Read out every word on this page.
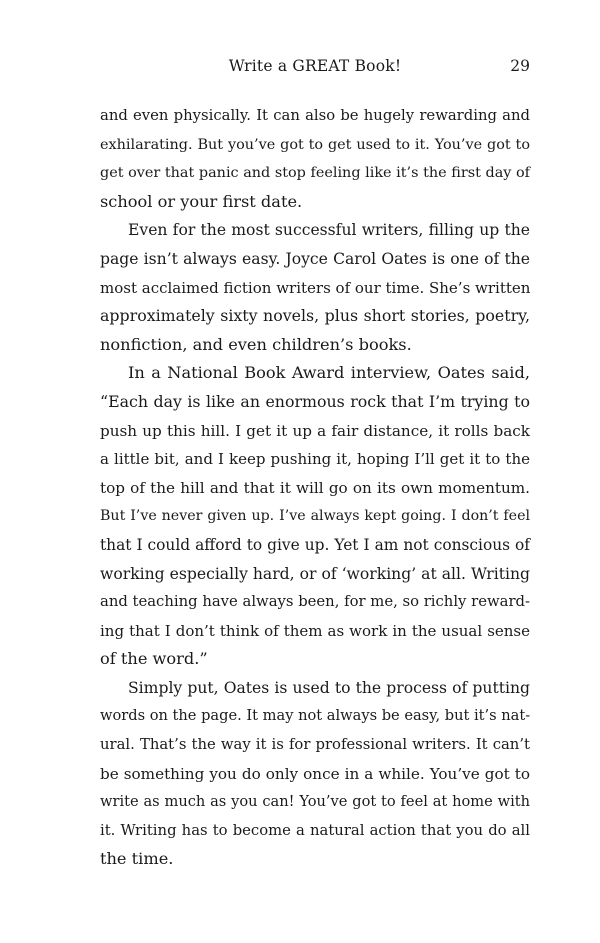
Write a GREAT Book!	29
and even physically. It can also be hugely rewarding and
exhilarating. But you’ve got to get used to it. You’ve got to
get over that panic and stop feeling like it’s the first day of
school or your first date.
Even for the most successful writers, filling up the
page isn’t always easy. Joyce Carol Oates is one of the
most acclaimed fiction writers of our time. She’s written
approximately sixty novels, plus short stories, poetry,
nonfiction, and even children’s books.
In a National Book Award interview, Oates said,
“Each day is like an enormous rock that I’m trying to
push up this hill. I get it up a fair distance, it rolls back
a little bit, and I keep pushing it, hoping I’ll get it to the
top of the hill and that it will go on its own momentum.
But I’ve never given up. I’ve always kept going. I don’t feel
that I could afford to give up. Yet I am not conscious of
working especially hard, or of ‘working’ at all. Writing
and teaching have always been, for me, so richly reward-
ing that I don’t think of them as work in the usual sense
of the word.”
Simply put, Oates is used to the process of putting
words on the page. It may not always be easy, but it’s nat-
ural. That’s the way it is for professional writers. It can’t
be something you do only once in a while. You’ve got to
write as much as you can! You’ve got to feel at home with
it. Writing has to become a natural action that you do all
the time.
